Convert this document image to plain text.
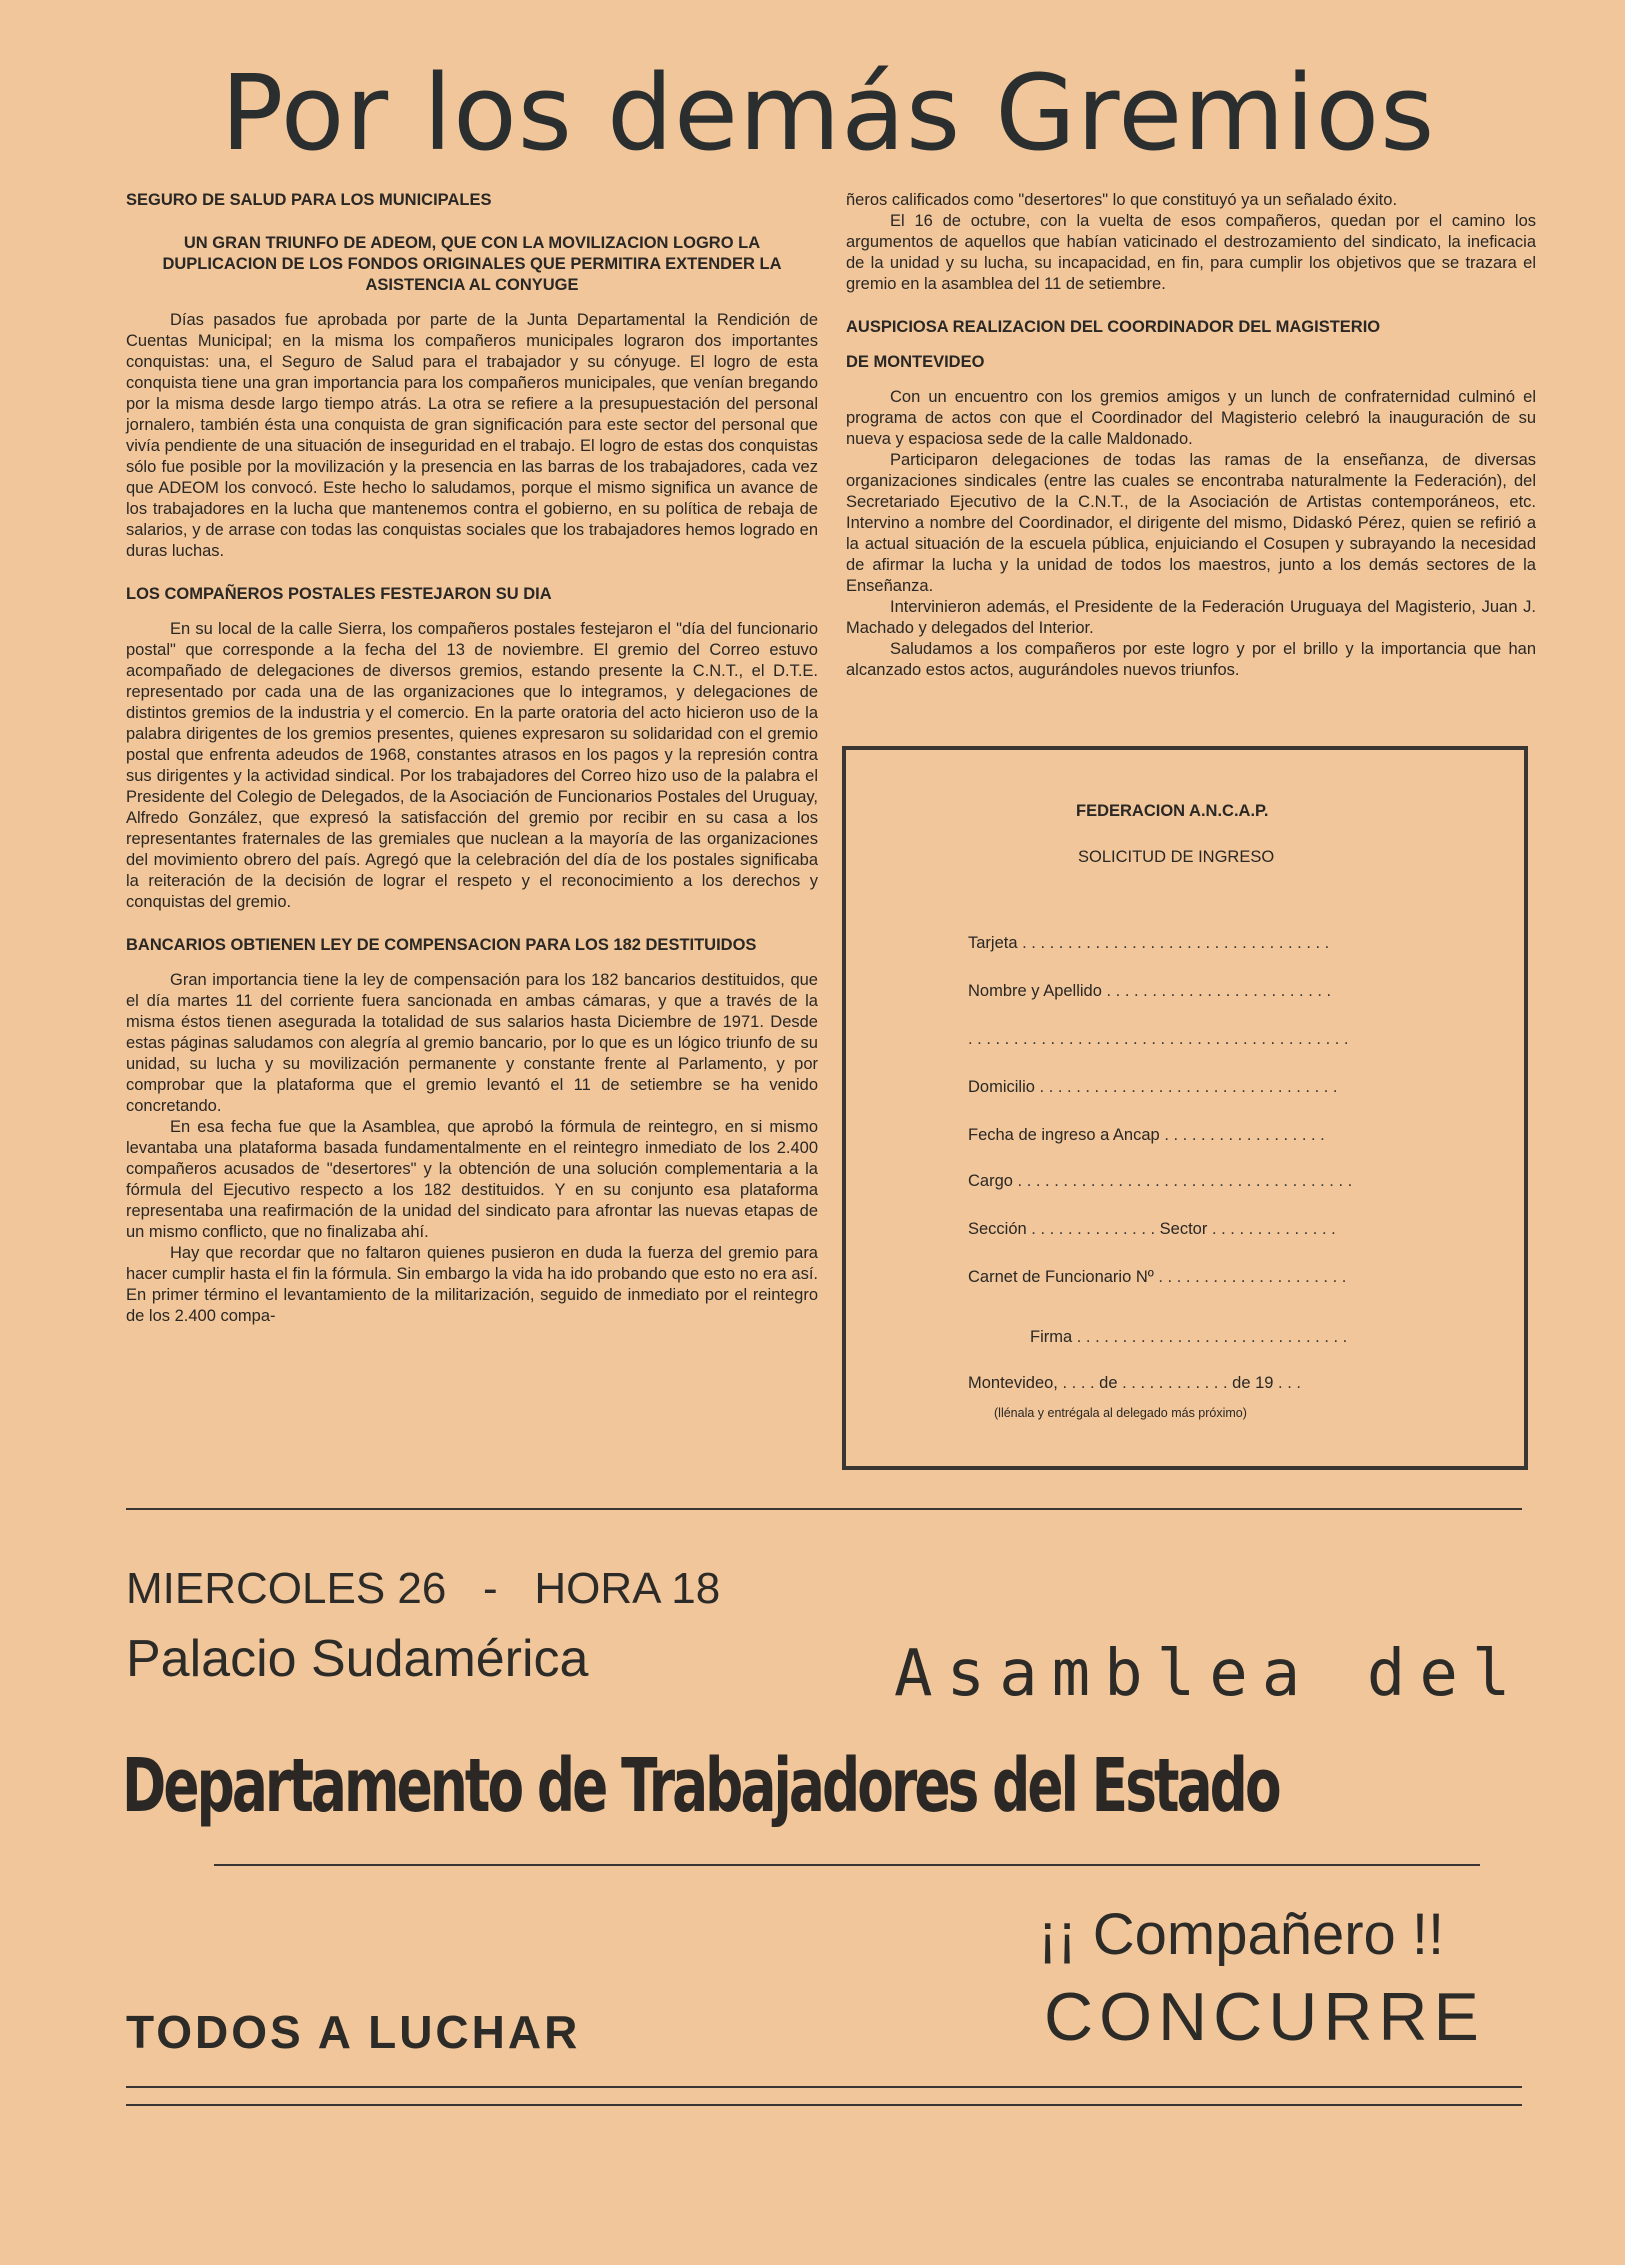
Por los demás Gremios
SEGURO DE SALUD PARA LOS MUNICIPALES
UN GRAN TRIUNFO DE ADEOM, QUE CON LA MOVILIZACION LOGRO LA DUPLICACION DE LOS FONDOS ORIGINALES QUE PERMITIRA EXTENDER LA ASISTENCIA AL CONYUGE

Días pasados fue aprobada por parte de la Junta Departamental la Rendición de Cuentas Municipal; en la misma los compañeros municipales lograron dos importantes conquistas: una, el Seguro de Salud para el trabajador y su cónyuge. El logro de esta conquista tiene una gran importancia para los compañeros municipales, que venían bregando por la misma desde largo tiempo atrás. La otra se refiere a la presupuestación del personal jornalero, también ésta una conquista de gran significación para este sector del personal que vivía pendiente de una situación de inseguridad en el trabajo. El logro de estas dos conquistas sólo fue posible por la movilización y la presencia en las barras de los trabajadores, cada vez que ADEOM los convocó. Este hecho lo saludamos, porque el mismo significa un avance de los trabajadores en la lucha que mantenemos contra el gobierno, en su política de rebaja de salarios, y de arrase con todas las conquistas sociales que los trabajadores hemos logrado en duras luchas.

LOS COMPAÑEROS POSTALES FESTEJARON SU DIA

En su local de la calle Sierra, los compañeros postales festejaron el "día del funcionario postal" que corresponde a la fecha del 13 de noviembre. El gremio del Correo estuvo acompañado de delegaciones de diversos gremios, estando presente la C.N.T., el D.T.E. representado por cada una de las organizaciones que lo integramos, y delegaciones de distintos gremios de la industria y el comercio. En la parte oratoria del acto hicieron uso de la palabra dirigentes de los gremios presentes, quienes expresaron su solidaridad con el gremio postal que enfrenta adeudos de 1968, constantes atrasos en los pagos y la represión contra sus dirigentes y la actividad sindical. Por los trabajadores del Correo hizo uso de la palabra el Presidente del Colegio de Delegados, de la Asociación de Funcionarios Postales del Uruguay, Alfredo González, que expresó la satisfacción del gremio por recibir en su casa a los representantes fraternales de las gremiales que nuclean a la mayoría de las organizaciones del movimiento obrero del país. Agregó que la celebración del día de los postales significaba la reiteración de la decisión de lograr el respeto y el reconocimiento a los derechos y conquistas del gremio.

BANCARIOS OBTIENEN LEY DE COMPENSACION PARA LOS 182 DESTITUIDOS

Gran importancia tiene la ley de compensación para los 182 bancarios destituidos, que el día martes 11 del corriente fuera sancionada en ambas cámaras, y que a través de la misma éstos tienen asegurada la totalidad de sus salarios hasta Diciembre de 1971. Desde estas páginas saludamos con alegría al gremio bancario, por lo que es un lógico triunfo de su unidad, su lucha y su movilización permanente y constante frente al Parlamento, y por comprobar que la plataforma que el gremio levantó el 11 de setiembre se ha venido concretando.

En esa fecha fue que la Asamblea, que aprobó la fórmula de reintegro, en si mismo levantaba una plataforma basada fundamentalmente en el reintegro inmediato de los 2.400 compañeros acusados de "desertores" y la obtención de una solución complementaria a la fórmula del Ejecutivo respecto a los 182 destituidos. Y en su conjunto esa plataforma representaba una reafirmación de la unidad del sindicato para afrontar las nuevas etapas de un mismo conflicto, que no finalizaba ahí.

Hay que recordar que no faltaron quienes pusieron en duda la fuerza del gremio para hacer cumplir hasta el fin la fórmula. Sin embargo la vida ha ido probando que esto no era así. En primer término el levantamiento de la militarización, seguido de inmediato por el reintegro de los 2.400 compa-

ñeros calificados como "desertores" lo que constituyó ya un señalado éxito.

El 16 de octubre, con la vuelta de esos compañeros, quedan por el camino los argumentos de aquellos que habían vaticinado el destrozamiento del sindicato, la ineficacia de la unidad y su lucha, su incapacidad, en fin, para cumplir los objetivos que se trazara el gremio en la asamblea del 11 de setiembre.

AUSPICIOSA REALIZACION DEL COORDINADOR DEL MAGISTERIO
DE MONTEVIDEO

Con un encuentro con los gremios amigos y un lunch de confraternidad culminó el programa de actos con que el Coordinador del Magisterio celebró la inauguración de su nueva y espaciosa sede de la calle Maldonado.

Participaron delegaciones de todas las ramas de la enseñanza, de diversas organizaciones sindicales (entre las cuales se encontraba naturalmente la Federación), del Secretariado Ejecutivo de la C.N.T., de la Asociación de Artistas contemporáneos, etc. Intervino a nombre del Coordinador, el dirigente del mismo, Didaskó Pérez, quien se refirió a la actual situación de la escuela pública, enjuiciando el Cosupen y subrayando la necesidad de afirmar la lucha y la unidad de todos los maestros, junto a los demás sectores de la Enseñanza.

Intervinieron además, el Presidente de la Federación Uruguaya del Magisterio, Juan J. Machado y delegados del Interior.

Saludamos a los compañeros por este logro y por el brillo y la importancia que han alcanzado estos actos, augurándoles nuevos triunfos.

FEDERACION A.N.C.A.P.
SOLICITUD DE INGRESO
Tarjeta . . . . . . . . . . . . . . . . . . . . . . . . . . . . . . . . . .
Nombre y Apellido . . . . . . . . . . . . . . . . . . . . . . . . .
. . . . . . . . . . . . . . . . . . . . . . . . . . . . . . . . . . . . . . . . . .
Domicilio . . . . . . . . . . . . . . . . . . . . . . . . . . . . . . . . .
Fecha de ingreso a Ancap . . . . . . . . . . . . . . . . . .
Cargo . . . . . . . . . . . . . . . . . . . . . . . . . . . . . . . . . . . . .
Sección . . . . . . . . . . . . . . Sector . . . . . . . . . . . . . .
Carnet de Funcionario Nº . . . . . . . . . . . . . . . . . . . . .
Firma . . . . . . . . . . . . . . . . . . . . . . . . . . . . . .
Montevideo, . . . . de . . . . . . . . . . . . de 19 . . .
(llénala y entrégala al delegado más próximo)
MIERCOLES 26   -   HORA 18
Palacio Sudamérica	Asamblea del
Departamento de Trabajadores del Estado
¡¡ Compañero !!
CONCURRE
TODOS A LUCHAR
